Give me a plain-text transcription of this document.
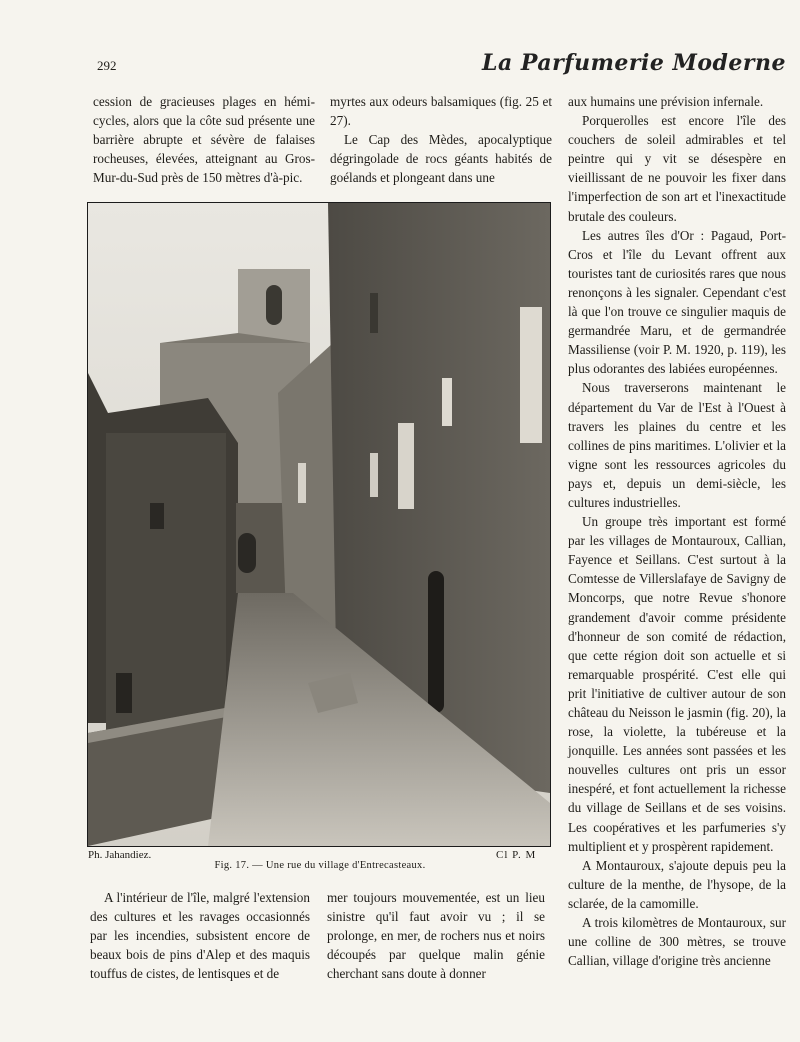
292	La Parfumerie Moderne

cession de gracieuses plages en hémi-cycles, alors que la côte sud présente une barrière abrupte et sévère de falaises rocheuses, élevées, atteignant au Gros-Mur-du-Sud près de 150 mètres d'à-pic.

myrtes aux odeurs balsamiques (fig. 25 et 27).

Le Cap des Mèdes, apocalyptique dégringolade de rocs géants habités de goélands et plongeant dans une

aux humains une prévision infernale.

Porquerolles est encore l'île des couchers de soleil admirables et tel peintre qui y vit se désespère en vieillissant de ne pouvoir les fixer dans l'imperfection de son art et l'inexactitude brutale des couleurs.

Les autres îles d'Or : Pagaud, Port-Cros et l'île du Levant offrent aux touristes tant de curiosités rares que nous renonçons à les signaler. Cependant c'est là que l'on trouve ce singulier maquis de germandrée Maru, et de germandrée Massiliense (voir P. M. 1920, p. 119), les plus odorantes des labiées européennes.

Nous traverserons maintenant le département du Var de l'Est à l'Ouest à travers les plaines du centre et les collines de pins maritimes. L'olivier et la vigne sont les ressources agricoles du pays et, depuis un demi-siècle, les cultures industrielles.

Un groupe très important est formé par les villages de Montauroux, Callian, Fayence et Seillans. C'est surtout à la Comtesse de Villerslafaye de Savigny de Moncorps, que notre Revue s'honore grandement d'avoir comme présidente d'honneur de son comité de rédaction, que cette région doit son actuelle et si remarquable prospérité. C'est elle qui prit l'initiative de cultiver autour de son château du Neisson le jasmin (fig. 20), la rose, la violette, la tubéreuse et la jonquille. Les années sont passées et les nouvelles cultures ont pris un essor inespéré, et font actuellement la richesse du village de Seillans et de ses voisins. Les coopératives et les parfumeries s'y multiplient et y prospèrent rapidement.

A Montauroux, s'ajoute depuis peu la culture de la menthe, de l'hysope, de la sclarée, de la camomille.

A trois kilomètres de Montauroux, sur une colline de 300 mètres, se trouve Callian, village d'origine très ancienne

Ph. Jahandiez.	Cl P. M
Fig. 17. — Une rue du village d'Entrecasteaux.

A l'intérieur de l'île, malgré l'extension des cultures et les ravages occasionnés par les incendies, subsistent encore de beaux bois de pins d'Alep et des maquis touffus de cistes, de lentisques et de

mer toujours mouvementée, est un lieu sinistre qu'il faut avoir vu ; il se prolonge, en mer, de rochers nus et noirs découpés par quelque malin génie cherchant sans doute à donner
